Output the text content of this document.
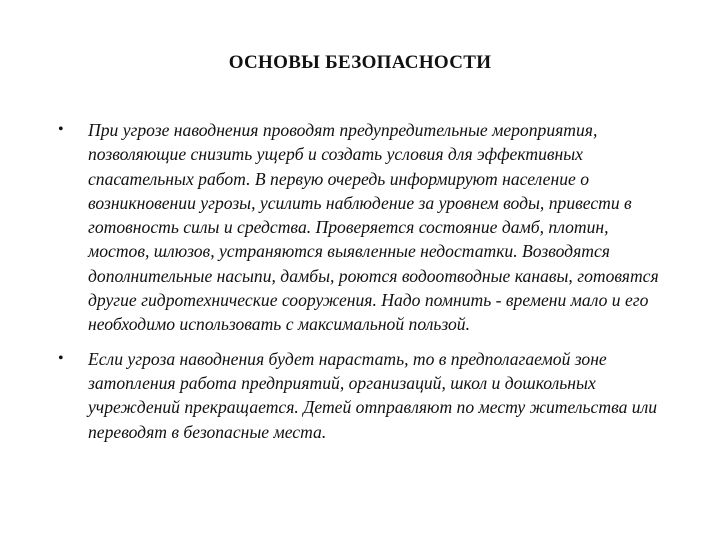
ОСНОВЫ БЕЗОПАСНОСТИ
• При угрозе наводнения проводят предупредительные мероприятия, позволяющие снизить ущерб и создать условия для эффективных спасательных работ. В первую очередь информируют население о возникновении угрозы, усилить наблюдение за уровнем воды, привести в готовность силы и средства. Проверяется состояние дамб, плотин, мостов, шлюзов, устраняются выявленные недостатки. Возводятся дополнительные насыпи, дамбы, роются водоотводные канавы, готовятся другие гидротехнические сооружения. Надо помнить - времени мало и его необходимо использовать с максимальной пользой.
• Если угроза наводнения будет нарастать, то в предполагаемой зоне затопления работа предприятий, организаций, школ и дошкольных учреждений прекращается. Детей отправляют по месту жительства или переводят в безопасные места.
